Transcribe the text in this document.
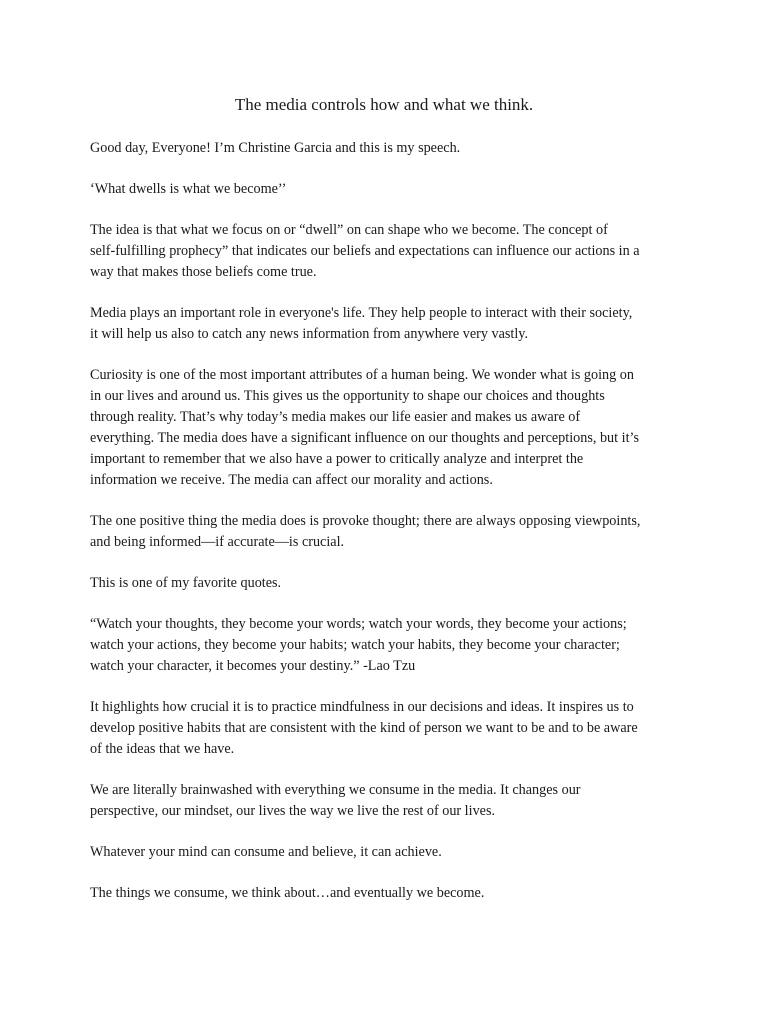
The media controls how and what we think.

Good day, Everyone! I’m Christine Garcia and this is my speech.

‘What dwells is what we become’’

The idea is that what we focus on or “dwell” on can shape who we become. The concept of
self-fulfilling prophecy” that indicates our beliefs and expectations can influence our actions in a
way that makes those beliefs come true.

Media plays an important role in everyone's life. They help people to interact with their society,
it will help us also to catch any news information from anywhere very vastly.

Curiosity is one of the most important attributes of a human being. We wonder what is going on
in our lives and around us. This gives us the opportunity to shape our choices and thoughts
through reality. That’s why today’s media makes our life easier and makes us aware of
everything. The media does have a significant influence on our thoughts and perceptions, but it’s
important to remember that we also have a power to critically analyze and interpret the
information we receive. The media can affect our morality and actions.

The one positive thing the media does is provoke thought; there are always opposing viewpoints,
and being informed—if accurate—is crucial.

This is one of my favorite quotes.

“Watch your thoughts, they become your words; watch your words, they become your actions;
watch your actions, they become your habits; watch your habits, they become your character;
watch your character, it becomes your destiny.” -Lao Tzu

It highlights how crucial it is to practice mindfulness in our decisions and ideas. It inspires us to
develop positive habits that are consistent with the kind of person we want to be and to be aware
of the ideas that we have.

We are literally brainwashed with everything we consume in the media. It changes our
perspective, our mindset, our lives the way we live the rest of our lives.

Whatever your mind can consume and believe, it can achieve.

The things we consume, we think about…and eventually we become.
